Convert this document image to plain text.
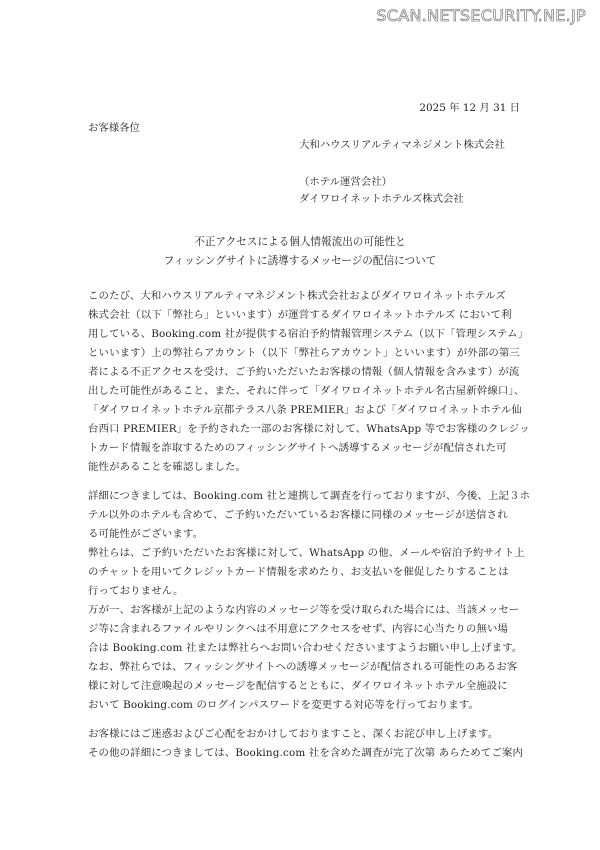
SCAN.NETSECURITY.NE.JP
2025 年 12 月 31 日
お客様各位
大和ハウスリアルティマネジメント株式会社
（ホテル運営会社）
ダイワロイネットホテルズ株式会社
不正アクセスによる個人情報流出の可能性と
フィッシングサイトに誘導するメッセージの配信について
このたび、大和ハウスリアルティマネジメント株式会社およびダイワロイネットホテルズ
株式会社（以下「弊社ら」といいます）が運営するダイワロイネットホテルズ において利
用している、Booking.com 社が提供する宿泊予約情報管理システム（以下「管理システム」
といいます）上の弊社らアカウント（以下「弊社らアカウント」といいます）が外部の第三
者による不正アクセスを受け、ご予約いただいたお客様の情報（個人情報を含みます）が流
出した可能性があること、また、それに伴って「ダイワロイネットホテル名古屋新幹線口」、
「ダイワロイネットホテル京都テラス八条 PREMIER」および「ダイワロイネットホテル仙
台西口 PREMIER」を予約された一部のお客様に対して、WhatsApp 等でお客様のクレジッ
トカード情報を詐取するためのフィッシングサイトへ誘導するメッセージが配信された可
能性があることを確認しました。
詳細につきましては、Booking.com 社と連携して調査を行っておりますが、今後、上記３ホ
テル以外のホテルも含めて、ご予約いただいているお客様に同様のメッセージが送信され
る可能性がございます。
弊社らは、ご予約いただいたお客様に対して、WhatsApp の他、メールや宿泊予約サイト上
のチャットを用いてクレジットカード情報を求めたり、お支払いを催促したりすることは
行っておりません。
万が一、お客様が上記のような内容のメッセージ等を受け取られた場合には、当該メッセー
ジ等に含まれるファイルやリンクへは不用意にアクセスをせず、内容に心当たりの無い場
合は Booking.com 社または弊社らへお問い合わせくださいますようお願い申し上げます。
なお、弊社らでは、フィッシングサイトへの誘導メッセージが配信される可能性のあるお客
様に対して注意喚起のメッセージを配信するとともに、ダイワロイネットホテル全施設に
おいて Booking.com のログインパスワードを変更する対応等を行っております。
お客様にはご迷惑およびご心配をおかけしておりますこと、深くお詫び申し上げます。
その他の詳細につきましては、Booking.com 社を含めた調査が完了次第 あらためてご案内
